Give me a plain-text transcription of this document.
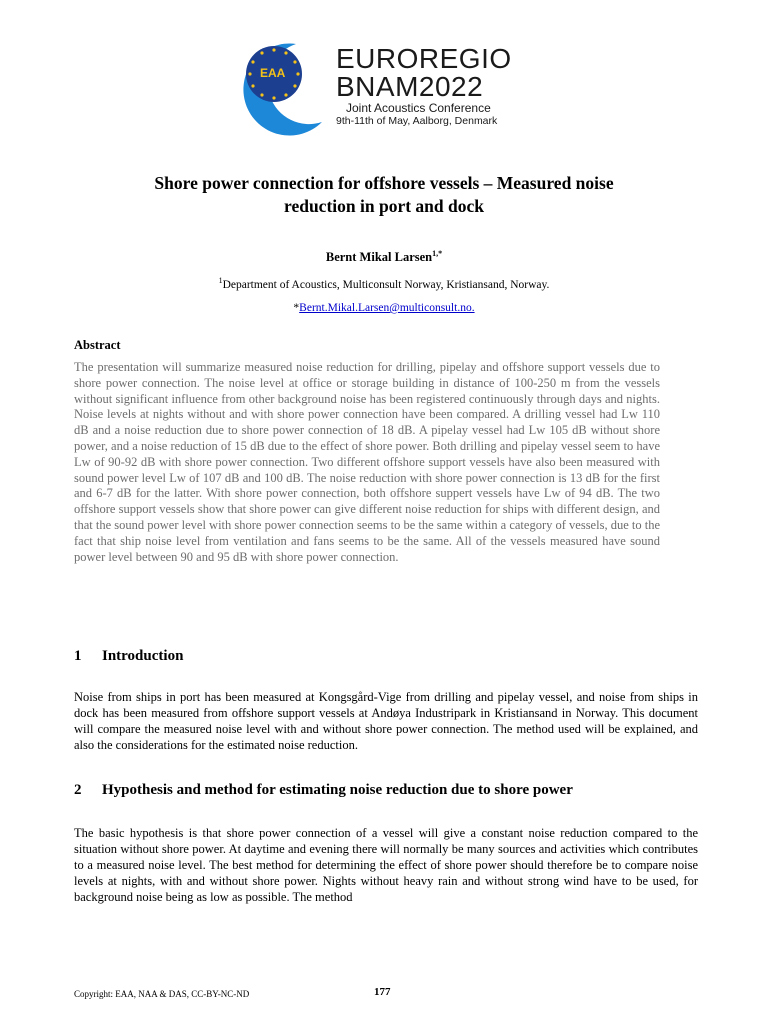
EAA EUROREGIO
BNAM2022
Joint Acoustics Conference
9th-11th of May, Aalborg, Denmark
Shore power connection for offshore vessels – Measured noise
reduction in port and dock
Bernt Mikal Larsen$^{1,*}$
$^1$Department of Acoustics, Multiconsult Norway, Kristiansand, Norway.
*Bernt.Mikal.Larsen@multiconsult.no.
Abstract
The presentation will summarize measured noise reduction for drilling, pipelay and offshore support vessels due to shore power connection. The noise level at office or storage building in distance of 100-250 m from the vessels without significant influence from other background noise has been registered continuously through days and nights. Noise levels at nights without and with shore power connection have been compared. A drilling vessel had Lw 110 dB and a noise reduction due to shore power connection of 18 dB. A pipelay vessel had Lw 105 dB without shore power, and a noise reduction of 15 dB due to the effect of shore power. Both drilling and pipelay vessel seem to have Lw of 90-92 dB with shore power connection. Two different offshore support vessels have also been measured with sound power level Lw of 107 dB and 100 dB. The noise reduction with shore power connection is 13 dB for the first and 6-7 dB for the latter. With shore power connection, both offshore suppert vessels have Lw of 94 dB. The two offshore support vessels show that shore power can give different noise reduction for ships with different design, and that the sound power level with shore power connection seems to be the same within a category of vessels, due to the fact that ship noise level from ventilation and fans seems to be the same. All of the vessels measured have sound power level between 90 and 95 dB with shore power connection.
1 Introduction
Noise from ships in port has been measured at Kongsgård-Vige from drilling and pipelay vessel, and noise from ships in dock has been measured from offshore support vessels at Andøya Industripark in Kristiansand in Norway. This document will compare the measured noise level with and without shore power connection. The method used will be explained, and also the considerations for the estimated noise reduction.
2 Hypothesis and method for estimating noise reduction due to shore power
The basic hypothesis is that shore power connection of a vessel will give a constant noise reduction compared to the situation without shore power. At daytime and evening there will normally be many sources and activities which contributes to a measured noise level. The best method for determining the effect of shore power should therefore be to compare noise levels at nights, with and without shore power. Nights without heavy rain and without strong wind have to be used, for background noise being as low as possible. The method
Copyright: EAA, NAA & DAS, CC-BY-NC-ND	177
